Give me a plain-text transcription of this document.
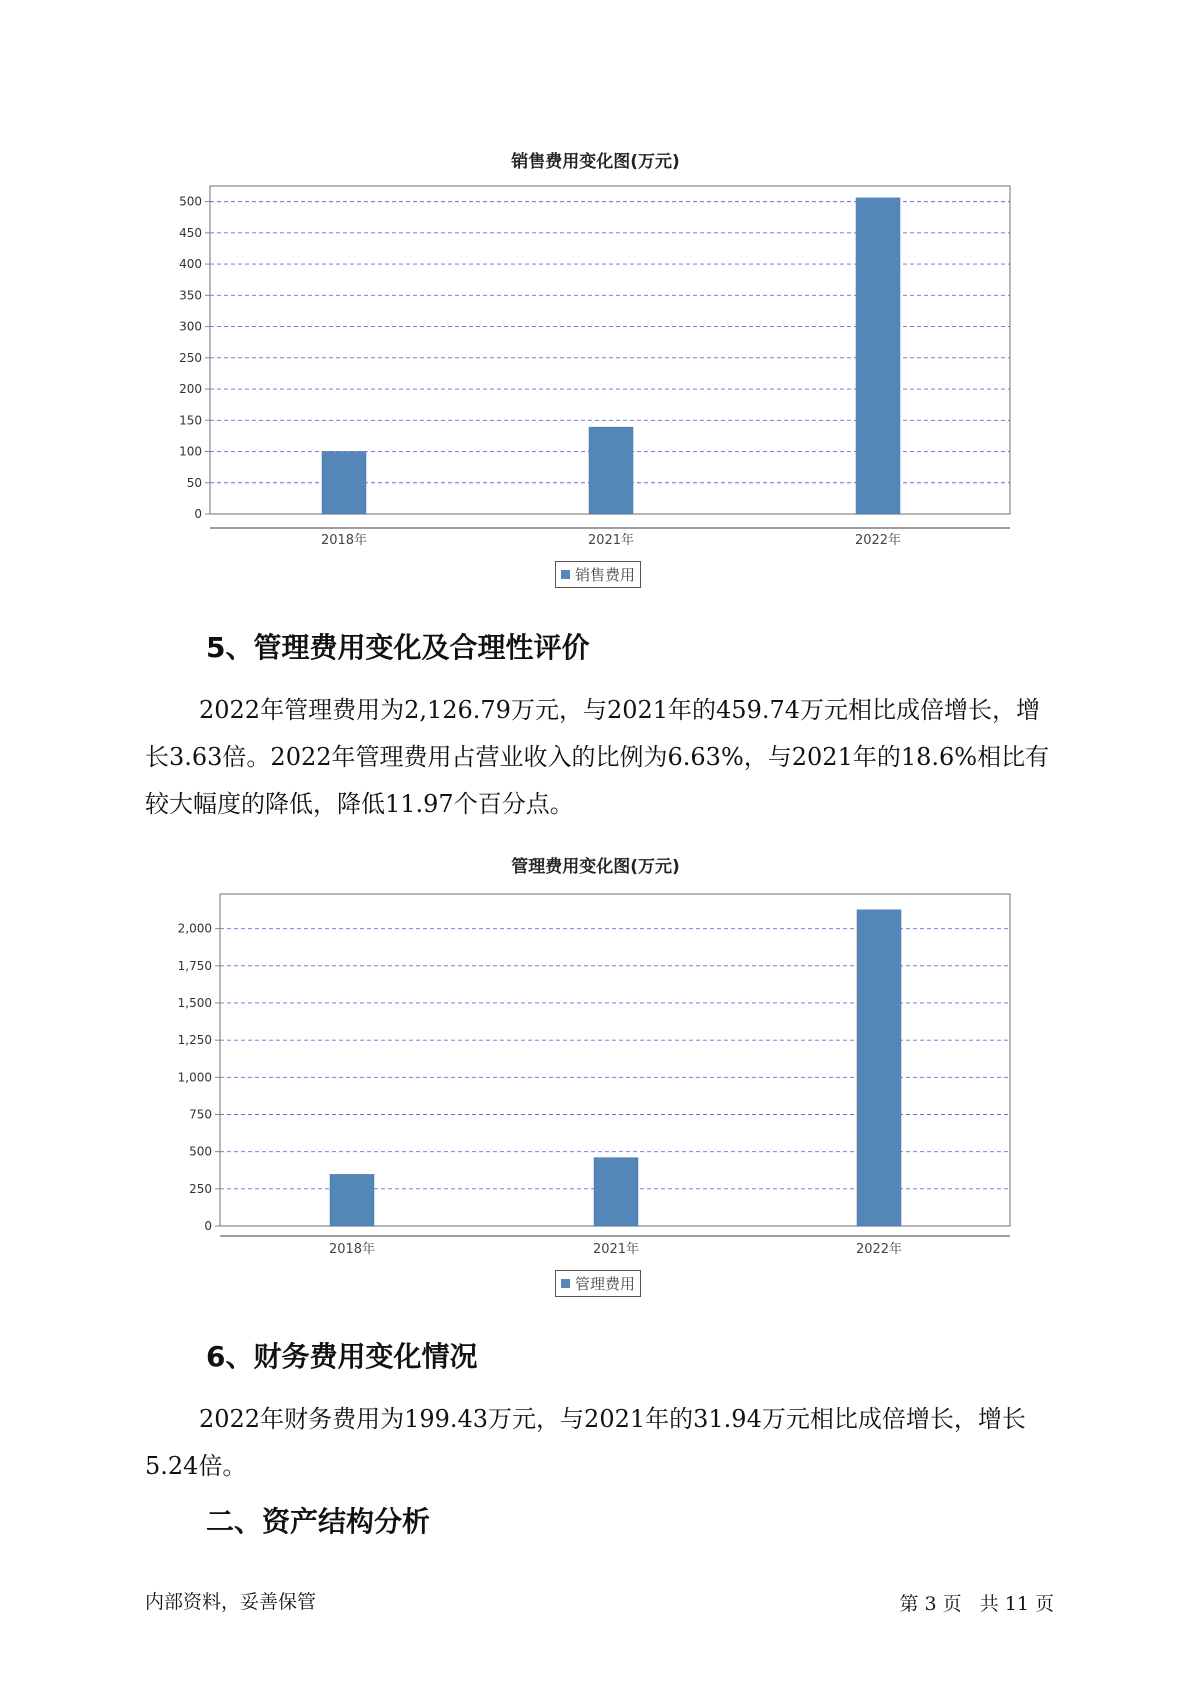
销售费用变化图(万元)
0
50
100
150
200
250
300
350
400
450
500
2018年	2021年	2022年
销售费用
5、管理费用变化及合理性评价

2022年管理费用为2,126.79万元，与2021年的459.74万元相比成倍增长，增长3.63倍。2022年管理费用占营业收入的比例为6.63%，与2021年的18.6%相比有较大幅度的降低，降低11.97个百分点。

管理费用变化图(万元)
0
250
500
750
1,000
1,250
1,500
1,750
2,000
2018年	2021年	2022年
管理费用
6、财务费用变化情况

2022年财务费用为199.43万元，与2021年的31.94万元相比成倍增长，增长5.24倍。

二、资产结构分析
内部资料，妥善保管	第 3 页   共 11 页
